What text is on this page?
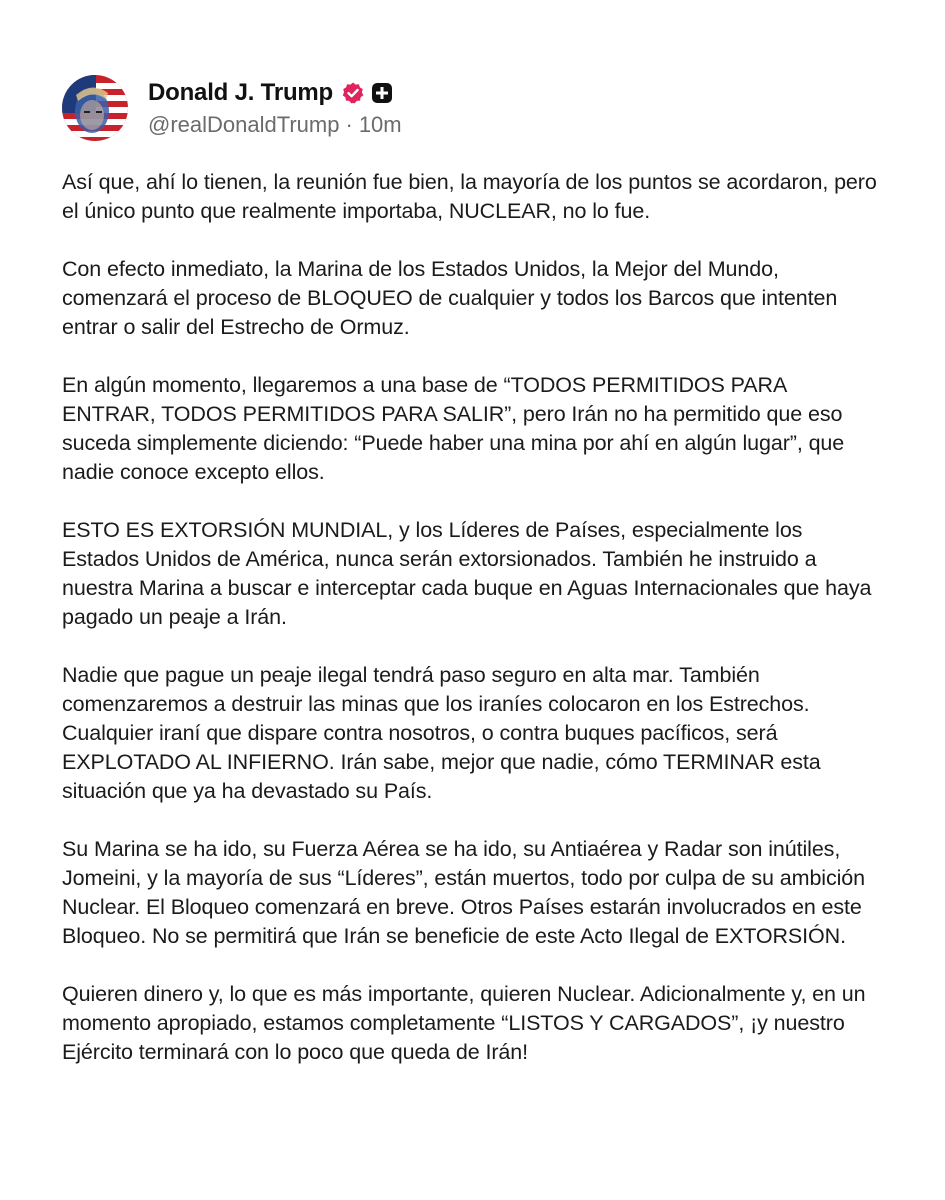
Donald J. Trump
@realDonaldTrump · 10m

Así que, ahí lo tienen, la reunión fue bien, la mayoría de los puntos se acordaron, pero el único punto que realmente importaba, NUCLEAR, no lo fue.

Con efecto inmediato, la Marina de los Estados Unidos, la Mejor del Mundo, comenzará el proceso de BLOQUEO de cualquier y todos los Barcos que intenten entrar o salir del Estrecho de Ormuz.

En algún momento, llegaremos a una base de “TODOS PERMITIDOS PARA ENTRAR, TODOS PERMITIDOS PARA SALIR”, pero Irán no ha permitido que eso suceda simplemente diciendo: “Puede haber una mina por ahí en algún lugar”, que nadie conoce excepto ellos.

ESTO ES EXTORSIÓN MUNDIAL, y los Líderes de Países, especialmente los Estados Unidos de América, nunca serán extorsionados. También he instruido a nuestra Marina a buscar e interceptar cada buque en Aguas Internacionales que haya pagado un peaje a Irán.

Nadie que pague un peaje ilegal tendrá paso seguro en alta mar. También comenzaremos a destruir las minas que los iraníes colocaron en los Estrechos. Cualquier iraní que dispare contra nosotros, o contra buques pacíficos, será EXPLOTADO AL INFIERNO. Irán sabe, mejor que nadie, cómo TERMINAR esta situación que ya ha devastado su País.

Su Marina se ha ido, su Fuerza Aérea se ha ido, su Antiaérea y Radar son inútiles, Jomeini, y la mayoría de sus “Líderes”, están muertos, todo por culpa de su ambición Nuclear. El Bloqueo comenzará en breve. Otros Países estarán involucrados en este Bloqueo. No se permitirá que Irán se beneficie de este Acto Ilegal de EXTORSIÓN.

Quieren dinero y, lo que es más importante, quieren Nuclear. Adicionalmente y, en un momento apropiado, estamos completamente “LISTOS Y CARGADOS”, ¡y nuestro Ejército terminará con lo poco que queda de Irán!
